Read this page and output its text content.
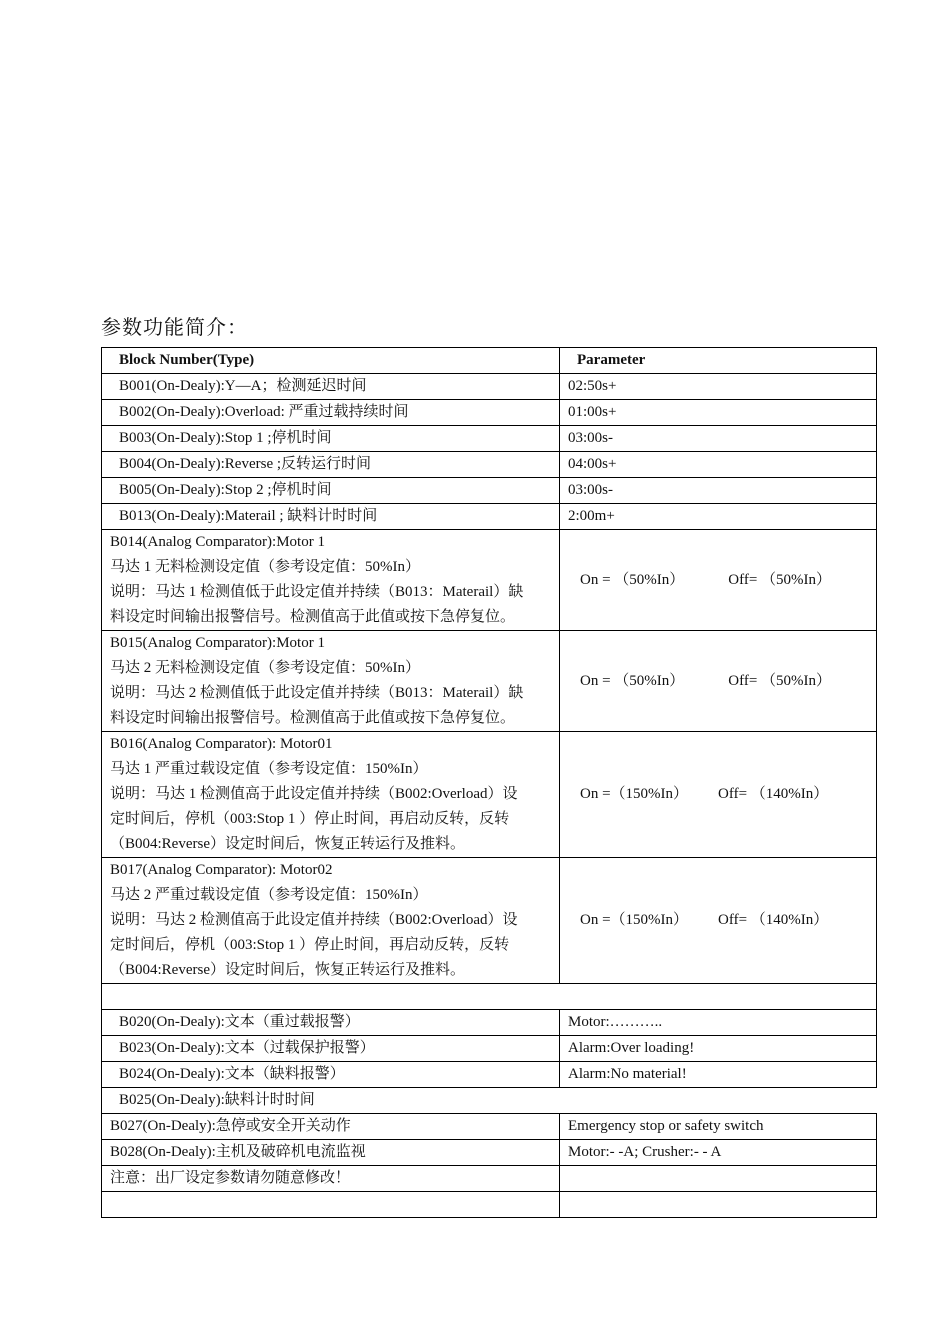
参数功能简介：
Block Number(Type)	Parameter
B001(On-Dealy):Y—A；检测延迟时间	02:50s+
B002(On-Dealy):Overload: 严重过载持续时间	01:00s+
B003(On-Dealy):Stop 1 ;停机时间	03:00s-
B004(On-Dealy):Reverse ;反转运行时间	04:00s+
B005(On-Dealy):Stop 2 ;停机时间	03:00s-
B013(On-Dealy):Materail ; 缺料计时时间	2:00m+

B014(Analog Comparator):Motor 1
马达 1 无料检测设定值（参考设定值：50%In）
说明：马达 1 检测值低于此设定值并持续（B013：Materail）缺
料设定时间输出报警信号。检测值高于此值或按下急停复位。	On = （50%In） Off= （50%In）

B015(Analog Comparator):Motor 1
马达 2 无料检测设定值（参考设定值：50%In）
说明：马达 2 检测值低于此设定值并持续（B013：Materail）缺
料设定时间输出报警信号。检测值高于此值或按下急停复位。	On = （50%In） Off= （50%In）

B016(Analog Comparator): Motor01
马达 1 严重过载设定值（参考设定值：150%In）
说明：马达 1 检测值高于此设定值并持续（B002:Overload）设
定时间后，停机（003:Stop 1 ）停止时间，再启动反转，反转
（B004:Reverse）设定时间后，恢复正转运行及推料。	On =（150%In） Off= （140%In）

B017(Analog Comparator): Motor02
马达 2 严重过载设定值（参考设定值：150%In）
说明：马达 2 检测值高于此设定值并持续（B002:Overload）设
定时间后，停机（003:Stop 1 ）停止时间，再启动反转，反转
（B004:Reverse）设定时间后，恢复正转运行及推料。	On =（150%In） Off= （140%In）

B020(On-Dealy):文本（重过载报警）	Motor:………..
B023(On-Dealy):文本（过载保护报警）	Alarm:Over loading!
B024(On-Dealy):文本（缺料报警）	Alarm:No material!
B025(On-Dealy):缺料计时时间	
B027(On-Dealy):急停或安全开关动作	Emergency stop or safety switch
B028(On-Dealy):主机及破碎机电流监视	Motor:- -A; Crusher:- - A
注意：出厂设定参数请勿随意修改！	
